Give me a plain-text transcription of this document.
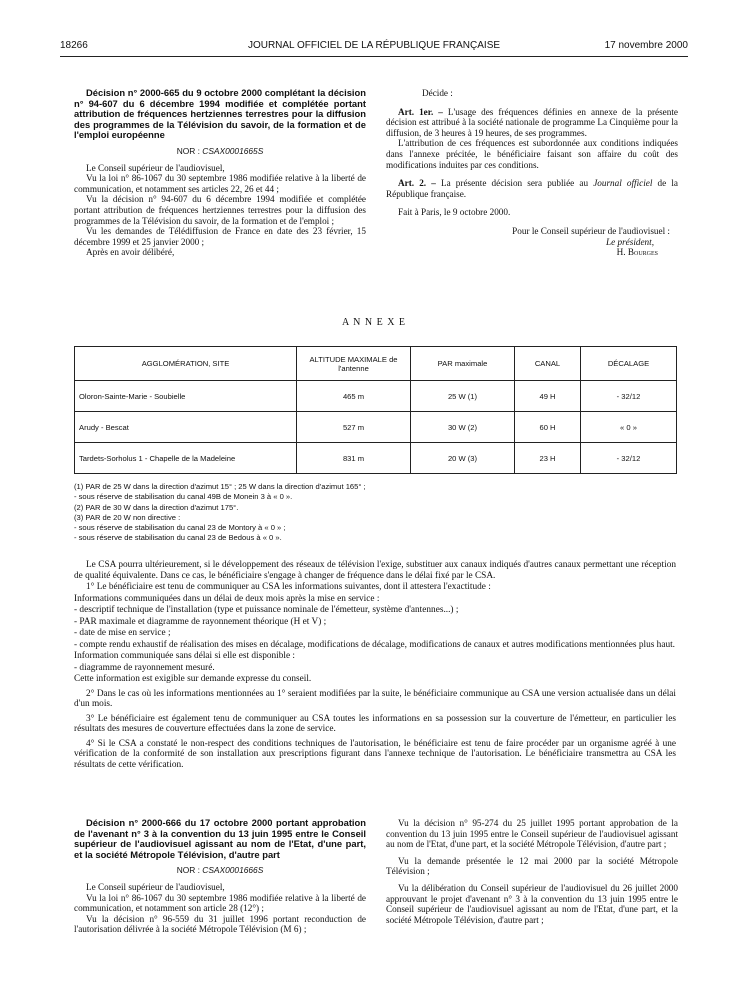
18266	JOURNAL OFFICIEL DE LA RÉPUBLIQUE FRANÇAISE	17 novembre 2000

Décision n° 2000-665 du 9 octobre 2000 complétant la décision n° 94-607 du 6 décembre 1994 modifiée et complétée portant attribution de fréquences hertziennes terrestres pour la diffusion des programmes de la Télévision du savoir, de la formation et de l'emploi européenne

NOR : CSAX0001665S

Le Conseil supérieur de l'audiovisuel,

Vu la loi n° 86-1067 du 30 septembre 1986 modifiée relative à la liberté de communication, et notamment ses articles 22, 26 et 44 ;

Vu la décision n° 94-607 du 6 décembre 1994 modifiée et complétée portant attribution de fréquences hertziennes terrestres pour la diffusion des programmes de la Télévision du savoir, de la formation et de l'emploi ;

Vu les demandes de Télédiffusion de France en date des 23 février, 15 décembre 1999 et 25 janvier 2000 ;

Après en avoir délibéré,

Décide :

Art. 1er. – L'usage des fréquences définies en annexe de la présente décision est attribué à la société nationale de programme La Cinquième pour la diffusion, de 3 heures à 19 heures, de ses programmes.

L'attribution de ces fréquences est subordonnée aux conditions indiquées dans l'annexe précitée, le bénéficiaire faisant son affaire du coût des modifications induites par ces conditions.

Art. 2. – La présente décision sera publiée au Journal officiel de la République française.

Fait à Paris, le 9 octobre 2000.

Pour le Conseil supérieur de l'audiovisuel :
Le président,
H. Bourges
A N N E X E
AGGLOMÉRATION, SITE	ALTITUDE MAXIMALE de l'antenne	PAR maximale	CANAL	DÉCALAGE
Oloron-Sainte-Marie - Soubielle	465 m	25 W (1)	49 H	- 32/12
Arudy - Bescat	527 m	30 W (2)	60 H	« 0 »
Tardets-Sorholus 1 - Chapelle de la Madeleine	831 m	20 W (3)	23 H	- 32/12
(1) PAR de 25 W dans la direction d'azimut 15° ; 25 W dans la direction d'azimut 165° ;
- sous réserve de stabilisation du canal 49B de Monein 3 à « 0 ».
(2) PAR de 30 W dans la direction d'azimut 175°.
(3) PAR de 20 W non directive :
- sous réserve de stabilisation du canal 23 de Montory à « 0 » ;
- sous réserve de stabilisation du canal 23 de Bedous à « 0 ».

Le CSA pourra ultérieurement, si le développement des réseaux de télévision l'exige, substituer aux canaux indiqués d'autres canaux permettant une réception de qualité équivalente. Dans ce cas, le bénéficiaire s'engage à changer de fréquence dans le délai fixé par le CSA.

1° Le bénéficiaire est tenu de communiquer au CSA les informations suivantes, dont il attestera l'exactitude :

Informations communiquées dans un délai de deux mois après la mise en service :

- descriptif technique de l'installation (type et puissance nominale de l'émetteur, système d'antennes...) ;

- PAR maximale et diagramme de rayonnement théorique (H et V) ;

- date de mise en service ;

- compte rendu exhaustif de réalisation des mises en décalage, modifications de décalage, modifications de canaux et autres modifications mentionnées plus haut.

Information communiquée sans délai si elle est disponible :

- diagramme de rayonnement mesuré.

Cette information est exigible sur demande expresse du conseil.

2° Dans le cas où les informations mentionnées au 1° seraient modifiées par la suite, le bénéficiaire communique au CSA une version actualisée dans un délai d'un mois.

3° Le bénéficiaire est également tenu de communiquer au CSA toutes les informations en sa possession sur la couverture de l'émetteur, en particulier les résultats des mesures de couverture effectuées dans la zone de service.

4° Si le CSA a constaté le non-respect des conditions techniques de l'autorisation, le bénéficiaire est tenu de faire procéder par un organisme agréé à une vérification de la conformité de son installation aux prescriptions figurant dans l'annexe technique de l'autorisation. Le bénéficiaire transmettra au CSA les résultats de cette vérification.

Décision n° 2000-666 du 17 octobre 2000 portant approbation de l'avenant n° 3 à la convention du 13 juin 1995 entre le Conseil supérieur de l'audiovisuel agissant au nom de l'Etat, d'une part, et la société Métropole Télévision, d'autre part

NOR : CSAX0001666S

Le Conseil supérieur de l'audiovisuel,

Vu la loi n° 86-1067 du 30 septembre 1986 modifiée relative à la liberté de communication, et notamment son article 28 (12°) ;

Vu la décision n° 96-559 du 31 juillet 1996 portant reconduction de l'autorisation délivrée à la société Métropole Télévision (M 6) ;

Vu la décision n° 95-274 du 25 juillet 1995 portant approbation de la convention du 13 juin 1995 entre le Conseil supérieur de l'audiovisuel agissant au nom de l'Etat, d'une part, et la société Métropole Télévision, d'autre part ;

Vu la demande présentée le 12 mai 2000 par la société Métropole Télévision ;

Vu la délibération du Conseil supérieur de l'audiovisuel du 26 juillet 2000 approuvant le projet d'avenant n° 3 à la convention du 13 juin 1995 entre le Conseil supérieur de l'audiovisuel agissant au nom de l'Etat, d'une part, et la société Métropole Télévision, d'autre part ;
